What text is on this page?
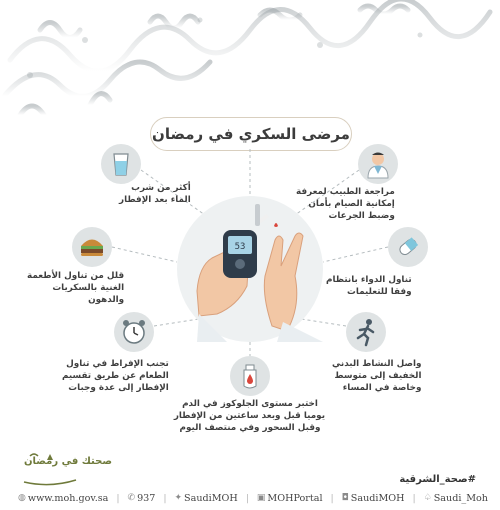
مرضى السكري في رمضان
53
أكثر من شرب
الماء بعد الإفطار
قلل من تناول الأطعمة
الغنية بالسكريات
والدهون
تجنب الإفراط في تناول
الطعام عن طريق تقسيم
الإفطار إلى عدة وجبات
اختبر مستوى الجلوكوز في الدم
يوميا قبل وبعد ساعتين من الإفطار
وقبل السحور وفي منتصف اليوم
مراجعة الطبيب لمعرفة
إمكانية الصيام بأمان
وضبط الجرعات
تناول الدواء بانتظام
وفقا للتعليمات
واصل النشاط البدني
الخفيف إلى متوسط
وخاصة في المساء
صحتك في رمضان
#صحة_الشرقية
◍ www.moh.gov.sa | ✆ 937 | ✦ SaudiMOH | ▣ MOHPortal | ◘ SaudiMOH | ♤ Saudi_Moh
